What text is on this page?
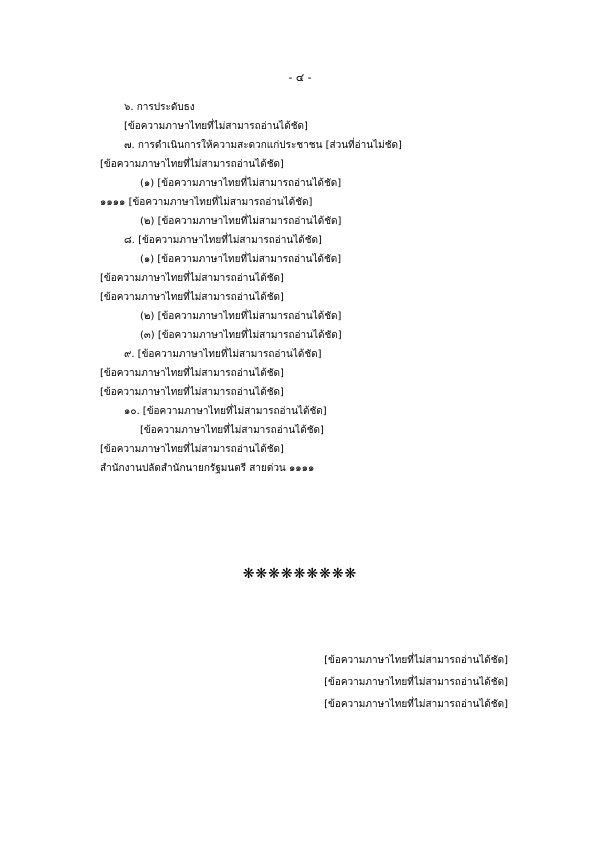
- ๔ -
๖. การประดับธง
[ข้อความภาษาไทยที่ไม่สามารถอ่านได้ชัด]
๗. การดำเนินการให้ความสะดวกแก่ประชาชน [ส่วนที่อ่านไม่ชัด]
[ข้อความภาษาไทยที่ไม่สามารถอ่านได้ชัด]
(๑) [ข้อความภาษาไทยที่ไม่สามารถอ่านได้ชัด]
๑๑๑๑ [ข้อความภาษาไทยที่ไม่สามารถอ่านได้ชัด]
(๒) [ข้อความภาษาไทยที่ไม่สามารถอ่านได้ชัด]
๘. [ข้อความภาษาไทยที่ไม่สามารถอ่านได้ชัด]
(๑) [ข้อความภาษาไทยที่ไม่สามารถอ่านได้ชัด]
[ข้อความภาษาไทยที่ไม่สามารถอ่านได้ชัด]
[ข้อความภาษาไทยที่ไม่สามารถอ่านได้ชัด]
(๒) [ข้อความภาษาไทยที่ไม่สามารถอ่านได้ชัด]
(๓) [ข้อความภาษาไทยที่ไม่สามารถอ่านได้ชัด]
๙. [ข้อความภาษาไทยที่ไม่สามารถอ่านได้ชัด]
[ข้อความภาษาไทยที่ไม่สามารถอ่านได้ชัด]
[ข้อความภาษาไทยที่ไม่สามารถอ่านได้ชัด]
๑๐. [ข้อความภาษาไทยที่ไม่สามารถอ่านได้ชัด]
[ข้อความภาษาไทยที่ไม่สามารถอ่านได้ชัด]
[ข้อความภาษาไทยที่ไม่สามารถอ่านได้ชัด]
สำนักงานปลัดสำนักนายกรัฐมนตรี สายด่วน ๑๑๑๑
❋❋❋❋❋❋❋❋❋
[ข้อความภาษาไทยที่ไม่สามารถอ่านได้ชัด]
[ข้อความภาษาไทยที่ไม่สามารถอ่านได้ชัด]
[ข้อความภาษาไทยที่ไม่สามารถอ่านได้ชัด]
